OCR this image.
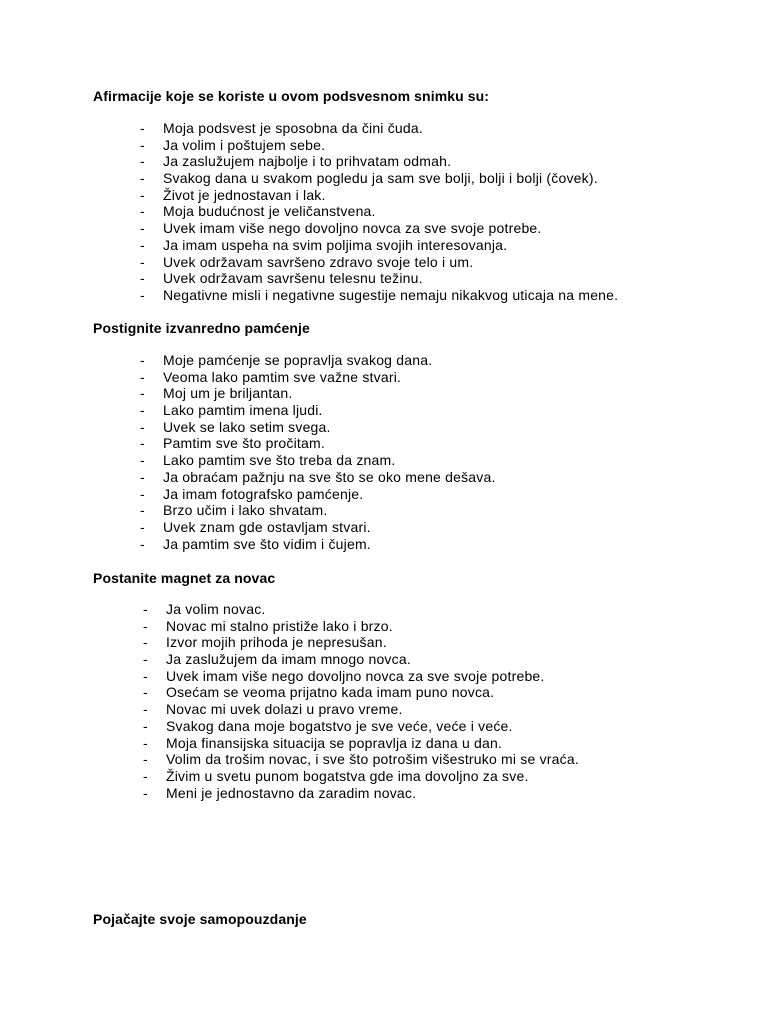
Afirmacije koje se koriste u ovom podsvesnom snimku su:
- Moja podsvest je sposobna da čini čuda.
- Ja volim i poštujem sebe.
- Ja zaslužujem najbolje i to prihvatam odmah.
- Svakog dana u svakom pogledu ja sam sve bolji, bolji i bolji (čovek).
- Život je jednostavan i lak.
- Moja budućnost je veličanstvena.
- Uvek imam više nego dovoljno novca za sve svoje potrebe.
- Ja imam uspeha na svim poljima svojih interesovanja.
- Uvek održavam savršeno zdravo svoje telo i um.
- Uvek održavam savršenu telesnu težinu.
- Negativne misli i negativne sugestije nemaju nikakvog uticaja na mene.
Postignite izvanredno pamćenje
- Moje pamćenje se popravlja svakog dana.
- Veoma lako pamtim sve važne stvari.
- Moj um je briljantan.
- Lako pamtim imena ljudi.
- Uvek se lako setim svega.
- Pamtim sve što pročitam.
- Lako pamtim sve što treba da znam.
- Ja obraćam pažnju na sve što se oko mene dešava.
- Ja imam fotografsko pamćenje.
- Brzo učim i lako shvatam.
- Uvek znam gde ostavljam stvari.
- Ja pamtim sve što vidim i čujem.
Postanite magnet za novac
- Ja volim novac.
- Novac mi stalno pristiže lako i brzo.
- Izvor mojih prihoda je nepresušan.
- Ja zaslužujem da imam mnogo novca.
- Uvek imam više nego dovoljno novca za sve svoje potrebe.
- Osećam se veoma prijatno kada imam puno novca.
- Novac mi uvek dolazi u pravo vreme.
- Svakog dana moje bogatstvo je sve veće, veće i veće.
- Moja finansijska situacija se popravlja iz dana u dan.
- Volim da trošim novac, i sve što potrošim višestruko mi se vraća.
- Živim u svetu punom bogatstva gde ima dovoljno za sve.
- Meni je jednostavno da zaradim novac.
Pojačajte svoje samopouzdanje
